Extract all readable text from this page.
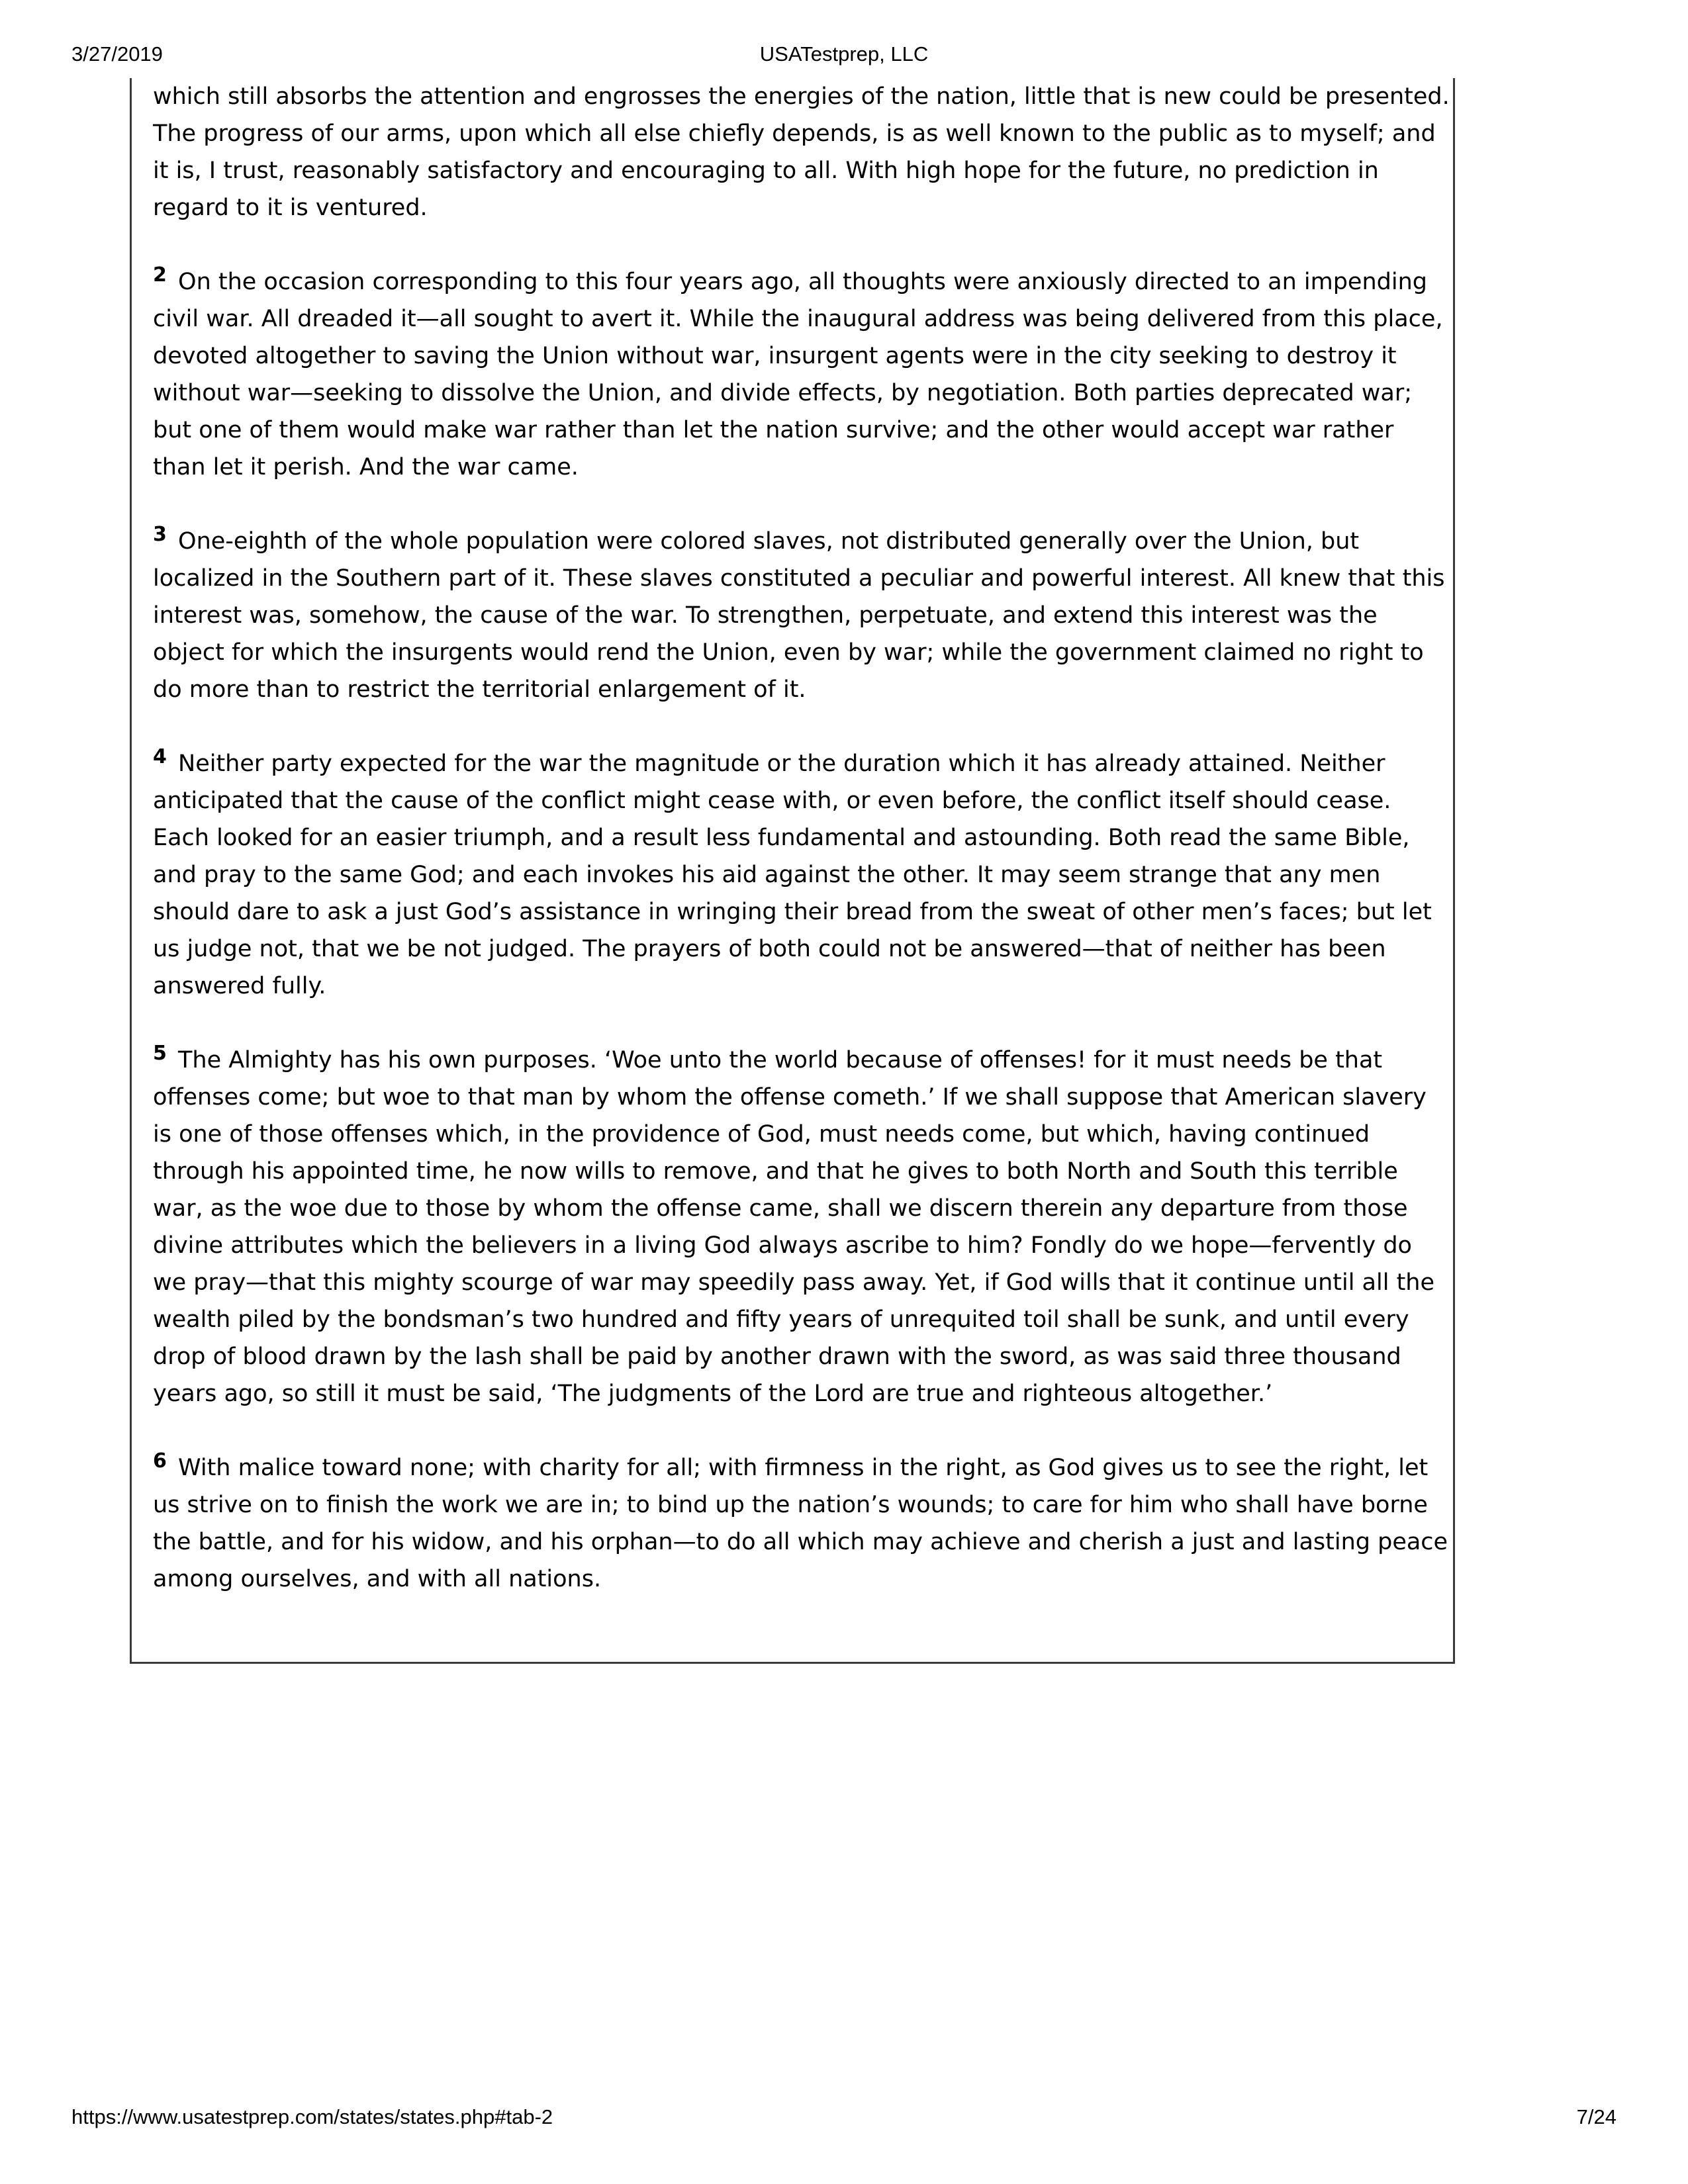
3/27/2019	USATestprep, LLC

which still absorbs the attention and engrosses the energies of the nation, little that is new could be presented. The progress of our arms, upon which all else chiefly depends, is as well known to the public as to myself; and it is, I trust, reasonably satisfactory and encouraging to all. With high hope for the future, no prediction in regard to it is ventured.

2 On the occasion corresponding to this four years ago, all thoughts were anxiously directed to an impending civil war. All dreaded it—all sought to avert it. While the inaugural address was being delivered from this place, devoted altogether to saving the Union without war, insurgent agents were in the city seeking to destroy it without war—seeking to dissolve the Union, and divide effects, by negotiation. Both parties deprecated war; but one of them would make war rather than let the nation survive; and the other would accept war rather than let it perish. And the war came.

3 One-eighth of the whole population were colored slaves, not distributed generally over the Union, but localized in the Southern part of it. These slaves constituted a peculiar and powerful interest. All knew that this interest was, somehow, the cause of the war. To strengthen, perpetuate, and extend this interest was the object for which the insurgents would rend the Union, even by war; while the government claimed no right to do more than to restrict the territorial enlargement of it.

4 Neither party expected for the war the magnitude or the duration which it has already attained. Neither anticipated that the cause of the conflict might cease with, or even before, the conflict itself should cease. Each looked for an easier triumph, and a result less fundamental and astounding. Both read the same Bible, and pray to the same God; and each invokes his aid against the other. It may seem strange that any men should dare to ask a just God’s assistance in wringing their bread from the sweat of other men’s faces; but let us judge not, that we be not judged. The prayers of both could not be answered—that of neither has been answered fully.

5 The Almighty has his own purposes. ‘Woe unto the world because of offenses! for it must needs be that offenses come; but woe to that man by whom the offense cometh.’ If we shall suppose that American slavery is one of those offenses which, in the providence of God, must needs come, but which, having continued through his appointed time, he now wills to remove, and that he gives to both North and South this terrible war, as the woe due to those by whom the offense came, shall we discern therein any departure from those divine attributes which the believers in a living God always ascribe to him? Fondly do we hope—fervently do we pray—that this mighty scourge of war may speedily pass away. Yet, if God wills that it continue until all the wealth piled by the bondsman’s two hundred and fifty years of unrequited toil shall be sunk, and until every drop of blood drawn by the lash shall be paid by another drawn with the sword, as was said three thousand years ago, so still it must be said, ‘The judgments of the Lord are true and righteous altogether.’

6 With malice toward none; with charity for all; with firmness in the right, as God gives us to see the right, let us strive on to finish the work we are in; to bind up the nation’s wounds; to care for him who shall have borne the battle, and for his widow, and his orphan—to do all which may achieve and cherish a just and lasting peace among ourselves, and with all nations.

https://www.usatestprep.com/states/states.php#tab-2	7/24
